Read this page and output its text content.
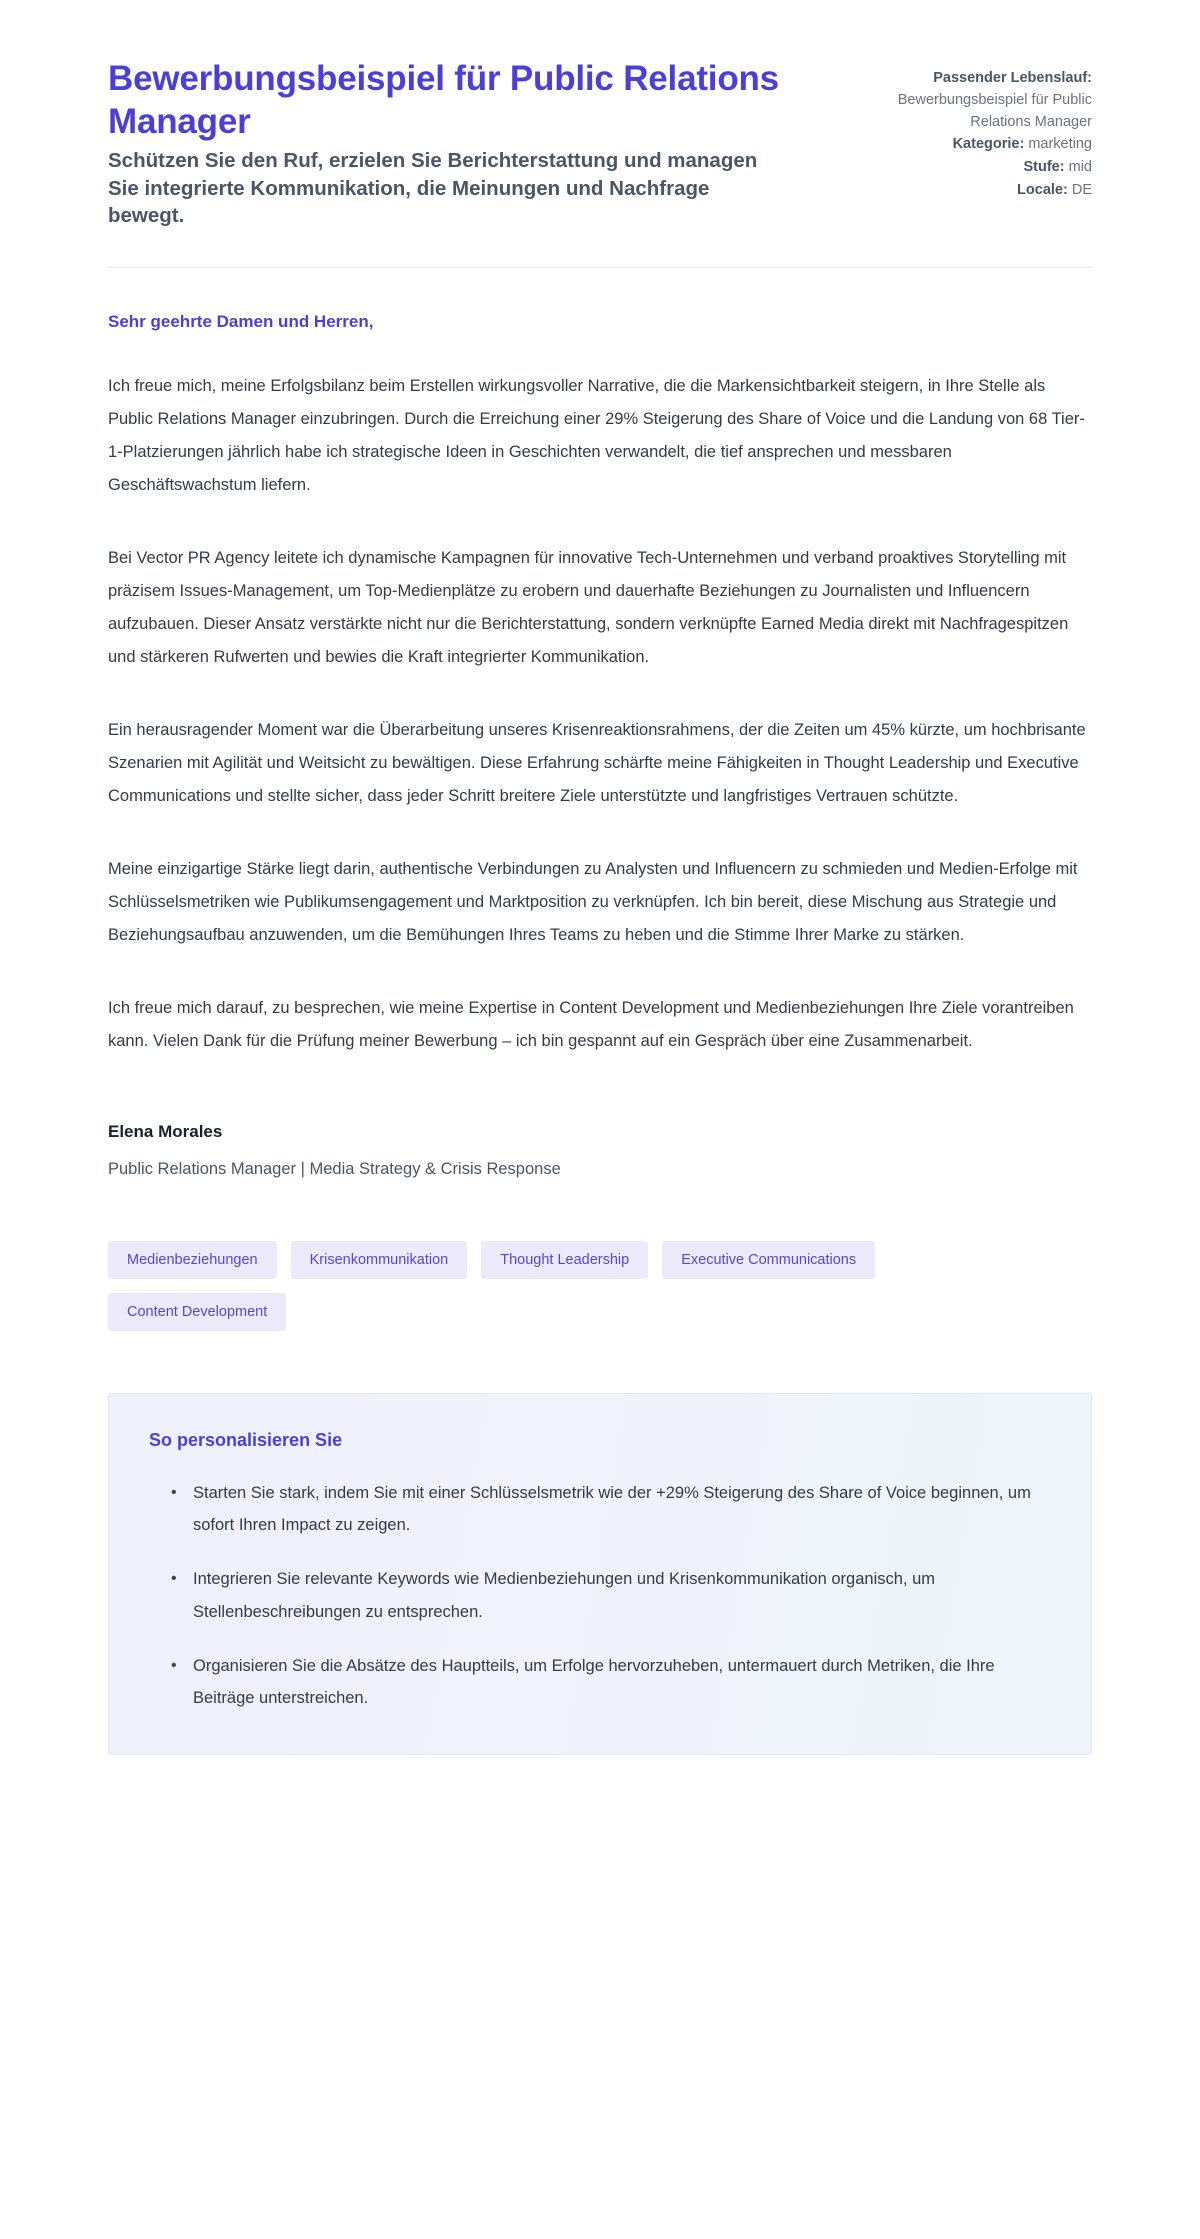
Bewerbungsbeispiel für Public Relations Manager

Schützen Sie den Ruf, erzielen Sie Berichterstattung und managen Sie integrierte Kommunikation, die Meinungen und Nachfrage bewegt.

Passender Lebenslauf:
Bewerbungsbeispiel für Public Relations Manager
Kategorie: marketing
Stufe: mid
Locale: DE

Sehr geehrte Damen und Herren,

Ich freue mich, meine Erfolgsbilanz beim Erstellen wirkungsvoller Narrative, die die Markensichtbarkeit steigern, in Ihre Stelle als Public Relations Manager einzubringen. Durch die Erreichung einer 29% Steigerung des Share of Voice und die Landung von 68 Tier-1-Platzierungen jährlich habe ich strategische Ideen in Geschichten verwandelt, die tief ansprechen und messbaren Geschäftswachstum liefern.

Bei Vector PR Agency leitete ich dynamische Kampagnen für innovative Tech-Unternehmen und verband proaktives Storytelling mit präzisem Issues-Management, um Top-Medienplätze zu erobern und dauerhafte Beziehungen zu Journalisten und Influencern aufzubauen. Dieser Ansatz verstärkte nicht nur die Berichterstattung, sondern verknüpfte Earned Media direkt mit Nachfragespitzen und stärkeren Rufwerten und bewies die Kraft integrierter Kommunikation.

Ein herausragender Moment war die Überarbeitung unseres Krisenreaktionsrahmens, der die Zeiten um 45% kürzte, um hochbrisante Szenarien mit Agilität und Weitsicht zu bewältigen. Diese Erfahrung schärfte meine Fähigkeiten in Thought Leadership und Executive Communications und stellte sicher, dass jeder Schritt breitere Ziele unterstützte und langfristiges Vertrauen schützte.

Meine einzigartige Stärke liegt darin, authentische Verbindungen zu Analysten und Influencern zu schmieden und Medien-Erfolge mit Schlüsselsmetriken wie Publikumsengagement und Marktposition zu verknüpfen. Ich bin bereit, diese Mischung aus Strategie und Beziehungsaufbau anzuwenden, um die Bemühungen Ihres Teams zu heben und die Stimme Ihrer Marke zu stärken.

Ich freue mich darauf, zu besprechen, wie meine Expertise in Content Development und Medienbeziehungen Ihre Ziele vorantreiben kann. Vielen Dank für die Prüfung meiner Bewerbung – ich bin gespannt auf ein Gespräch über eine Zusammenarbeit.

Elena Morales

Public Relations Manager | Media Strategy & Crisis Response

Medienbeziehungen	Krisenkommunikation	Thought Leadership	Executive Communications
Content Development
So personalisieren Sie
• Starten Sie stark, indem Sie mit einer Schlüsselsmetrik wie der +29% Steigerung des Share of Voice beginnen, um sofort Ihren Impact zu zeigen.
• Integrieren Sie relevante Keywords wie Medienbeziehungen und Krisenkommunikation organisch, um Stellenbeschreibungen zu entsprechen.
• Organisieren Sie die Absätze des Hauptteils, um Erfolge hervorzuheben, untermauert durch Metriken, die Ihre Beiträge unterstreichen.
